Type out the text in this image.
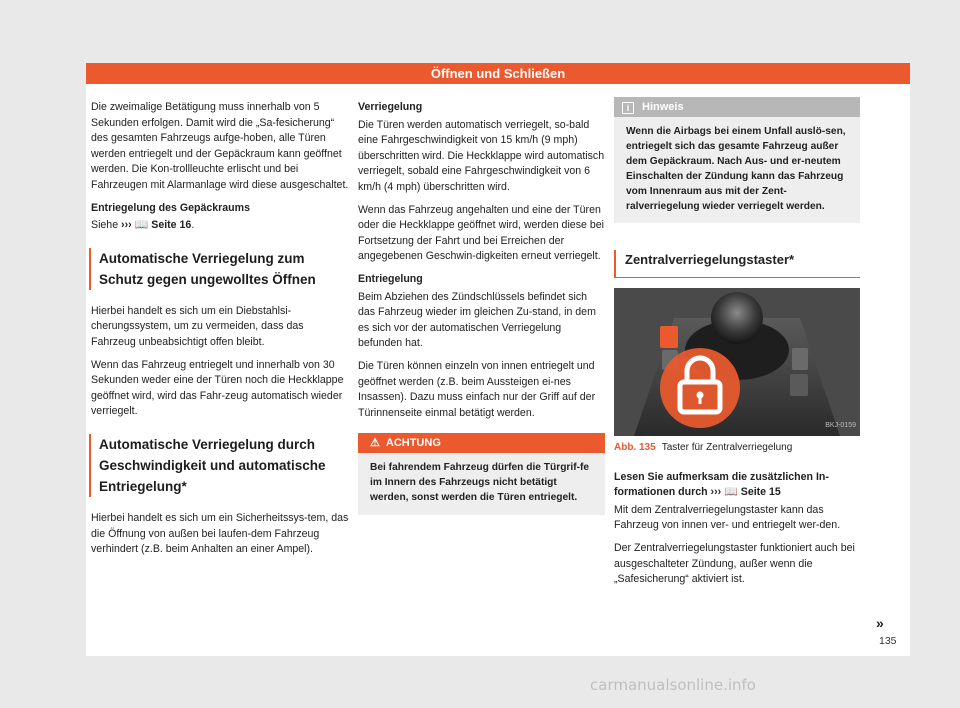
Öffnen und Schließen

Die zweimalige Betätigung muss innerhalb von 5 Sekunden erfolgen. Damit wird die „Sa-fesicherung“ des gesamten Fahrzeugs aufge-hoben, alle Türen werden entriegelt und der Gepäckraum kann geöffnet werden. Die Kon-trollleuchte erlischt und bei Fahrzeugen mit Alarmanlage wird diese ausgeschaltet.

Entriegelung des Gepäckraums

Siehe ››› 📖 Seite 16.

Automatische Verriegelung zum Schutz gegen ungewolltes Öffnen

Hierbei handelt es sich um ein Diebstahlsi-cherungssystem, um zu vermeiden, dass das Fahrzeug unbeabsichtigt offen bleibt.

Wenn das Fahrzeug entriegelt und innerhalb von 30 Sekunden weder eine der Türen noch die Heckklappe geöffnet wird, wird das Fahr-zeug automatisch wieder verriegelt.

Automatische Verriegelung durch Geschwindigkeit und automatische Entriegelung*

Hierbei handelt es sich um ein Sicherheitssys-tem, das die Öffnung von außen bei laufen-dem Fahrzeug verhindert (z.B. beim Anhalten an einer Ampel).

Verriegelung

Die Türen werden automatisch verriegelt, so-bald eine Fahrgeschwindigkeit von 15 km/h (9 mph) überschritten wird. Die Heckklappe wird automatisch verriegelt, sobald eine Fahrgeschwindigkeit von 6 km/h (4 mph) überschritten wird.

Wenn das Fahrzeug angehalten und eine der Türen oder die Heckklappe geöffnet wird, werden diese bei Fortsetzung der Fahrt und bei Erreichen der angegebenen Geschwin-digkeiten erneut verriegelt.

Entriegelung

Beim Abziehen des Zündschlüssels befindet sich das Fahrzeug wieder im gleichen Zu-stand, in dem es sich vor der automatischen Verriegelung befunden hat.

Die Türen können einzeln von innen entriegelt und geöffnet werden (z.B. beim Aussteigen ei-nes Insassen). Dazu muss einfach nur der Griff auf der Türinnenseite einmal betätigt werden.

⚠ ACHTUNG
Bei fahrendem Fahrzeug dürfen die Türgrif-fe im Innern des Fahrzeugs nicht betätigt werden, sonst werden die Türen entriegelt.
i Hinweis
Wenn die Airbags bei einem Unfall auslö-sen, entriegelt sich das gesamte Fahrzeug außer dem Gepäckraum. Nach Aus- und er-neutem Einschalten der Zündung kann das Fahrzeug vom Innenraum aus mit der Zent-ralverriegelung wieder verriegelt werden.
Zentralverriegelungstaster*
BKJ-0159
Abb. 135 Taster für Zentralverriegelung

Lesen Sie aufmerksam die zusätzlichen In-formationen durch ››› 📖 Seite 15

Mit dem Zentralverriegelungstaster kann das Fahrzeug von innen ver- und entriegelt wer-den.

Der Zentralverriegelungstaster funktioniert auch bei ausgeschalteter Zündung, außer wenn die „Safesicherung“ aktiviert ist.

»
135
carmanualsonline.info
